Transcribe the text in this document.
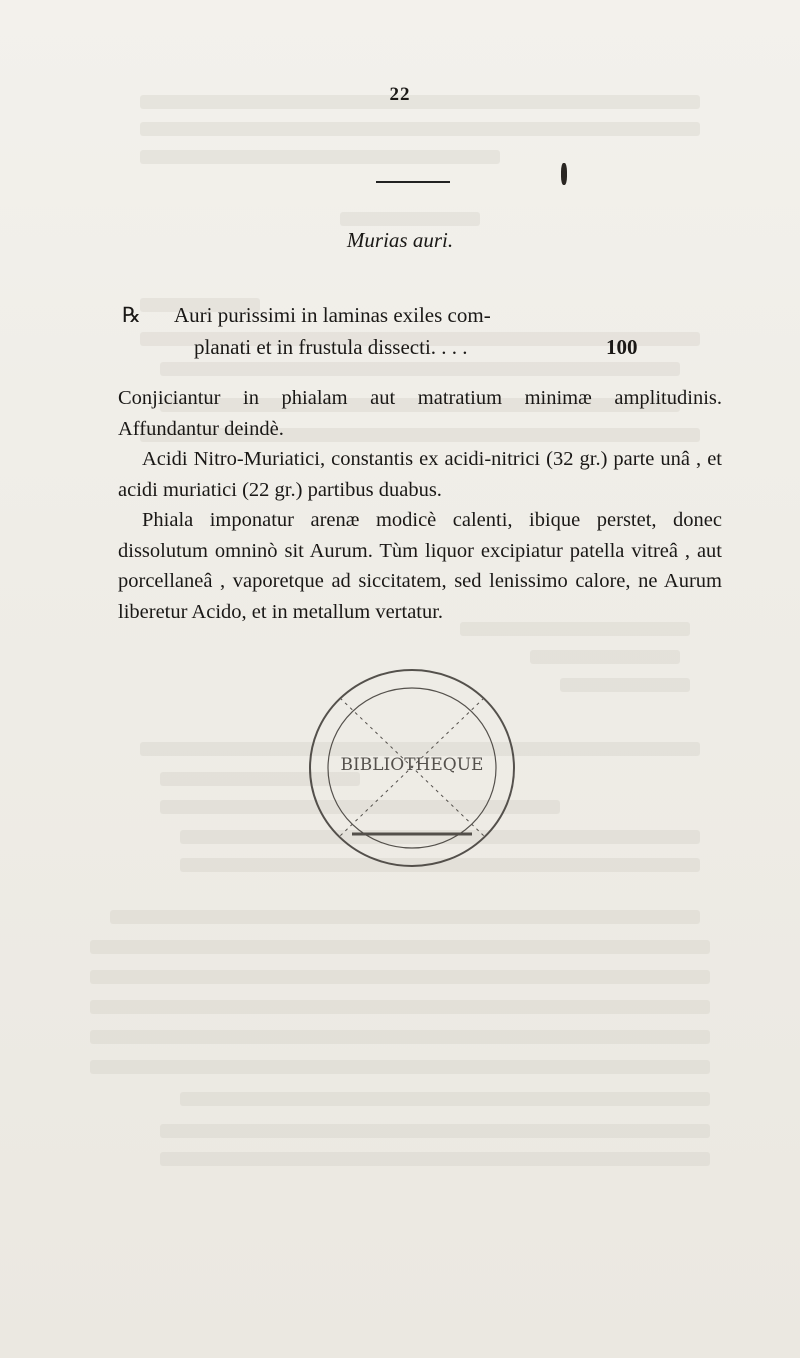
22
Murias auri.
℞ Auri purissimi in laminas exiles com-
planati et in frustula dissecti. . . .	100

Conjiciantur in phialam aut matratium minimæ amplitudinis. Affundantur deindè.

Acidi Nitro-Muriatici, constantis ex acidi-nitrici (32 gr.) parte unâ , et acidi muriatici (22 gr.) partibus duabus.

Phiala imponatur arenæ modicè calenti, ibique perstet, donec dissolutum omninò sit Aurum. Tùm liquor excipiatur patella vitreâ , aut porcellaneâ , vaporetque ad siccitatem, sed lenissimo calore, ne Aurum liberetur Acido, et in metallum vertatur.

BIBLIOTHEQUE
